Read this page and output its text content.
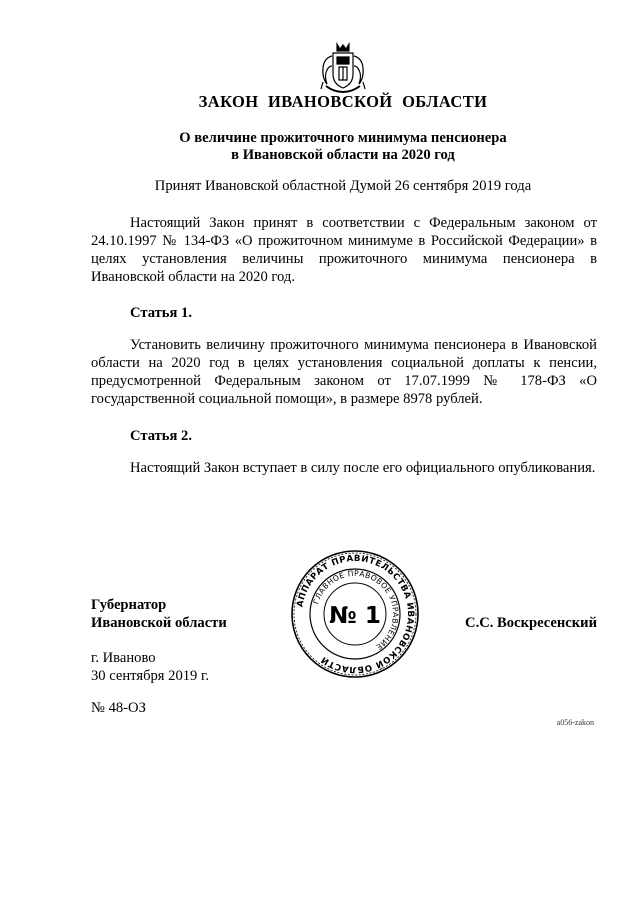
ЗАКОН ИВАНОВСКОЙ ОБЛАСТИ
О величине прожиточного минимума пенсионера
в Ивановской области на 2020 год
Принят Ивановской областной Думой 26 сентября 2019 года

Настоящий Закон принят в соответствии с Федеральным законом от 24.10.1997 № 134-ФЗ «О прожиточном минимуме в Российской Федерации» в целях установления величины прожиточного минимума пенсионера в Ивановской области на 2020 год.

Статья 1.

Установить величину прожиточного минимума пенсионера в Ивановской области на 2020 год в целях установления социальной доплаты к пенсии, предусмотренной Федеральным законом от 17.07.1999 № 178-ФЗ «О государственной социальной помощи», в размере 8978 рублей.

Статья 2.

Настоящий Закон вступает в силу после его официального опубликования.

АППАРАТ ПРАВИТЕЛЬСТВА ИВАНОВСКОЙ ОБЛАСТИ
ГЛАВНОЕ ПРАВОВОЕ УПРАВЛЕНИЕ
№ 1
Губернатор
Ивановской области	С.С. Воскресенский
г. Иваново
30 сентября 2019 г.
№ 48-ОЗ
a056-zakon
